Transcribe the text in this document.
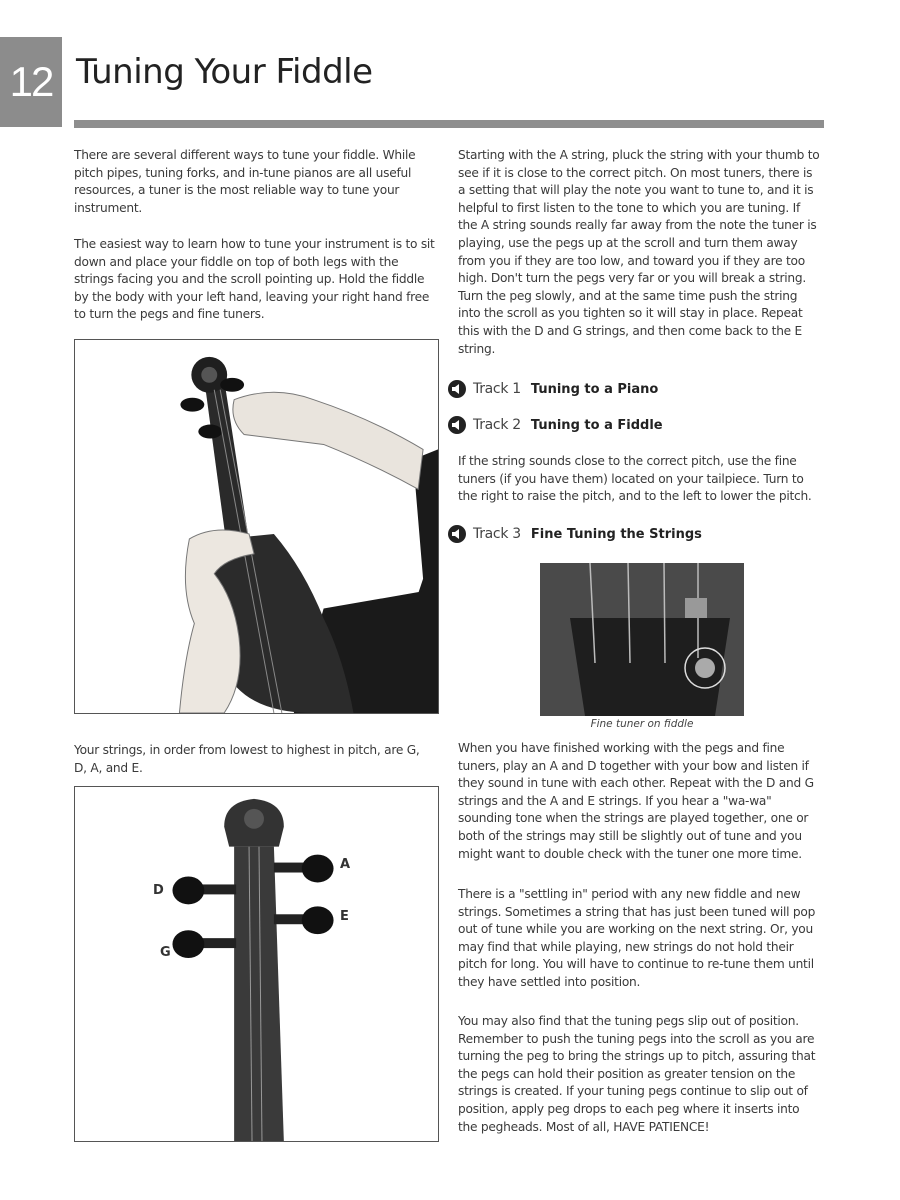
12 Tuning Your Fiddle

There are several different ways to tune your fiddle. While pitch pipes, tuning forks, and in-tune pianos are all useful resources, a tuner is the most reliable way to tune your instrument.

The easiest way to learn how to tune your instrument is to sit down and place your fiddle on top of both legs with the strings facing you and the scroll pointing up. Hold the fiddle by the body with your left hand, leaving your right hand free to turn the pegs and fine tuners.

Your strings, in order from lowest to highest in pitch, are G, D, A, and E.

A
D
E
G

Starting with the A string, pluck the string with your thumb to see if it is close to the correct pitch. On most tuners, there is a setting that will play the note you want to tune to, and it is helpful to first listen to the tone to which you are tuning. If the A string sounds really far away from the note the tuner is playing, use the pegs up at the scroll and turn them away from you if they are too low, and toward you if they are too high. Don't turn the pegs very far or you will break a string. Turn the peg slowly, and at the same time push the string into the scroll as you tighten so it will stay in place. Repeat this with the D and G strings, and then come back to the E string.

Track 1 Tuning to a Piano
Track 2 Tuning to a Fiddle

If the string sounds close to the correct pitch, use the fine tuners (if you have them) located on your tailpiece. Turn to the right to raise the pitch, and to the left to lower the pitch.

Track 3 Fine Tuning the Strings
Fine tuner on fiddle

When you have finished working with the pegs and fine tuners, play an A and D together with your bow and listen if they sound in tune with each other. Repeat with the D and G strings and the A and E strings. If you hear a "wa-wa" sounding tone when the strings are played together, one or both of the strings may still be slightly out of tune and you might want to double check with the tuner one more time.

There is a "settling in" period with any new fiddle and new strings. Sometimes a string that has just been tuned will pop out of tune while you are working on the next string. Or, you may find that while playing, new strings do not hold their pitch for long. You will have to continue to re-tune them until they have settled into position.

You may also find that the tuning pegs slip out of position. Remember to push the tuning pegs into the scroll as you are turning the peg to bring the strings up to pitch, assuring that the pegs can hold their position as greater tension on the strings is created. If your tuning pegs continue to slip out of position, apply peg drops to each peg where it inserts into the pegheads. Most of all, HAVE PATIENCE!
